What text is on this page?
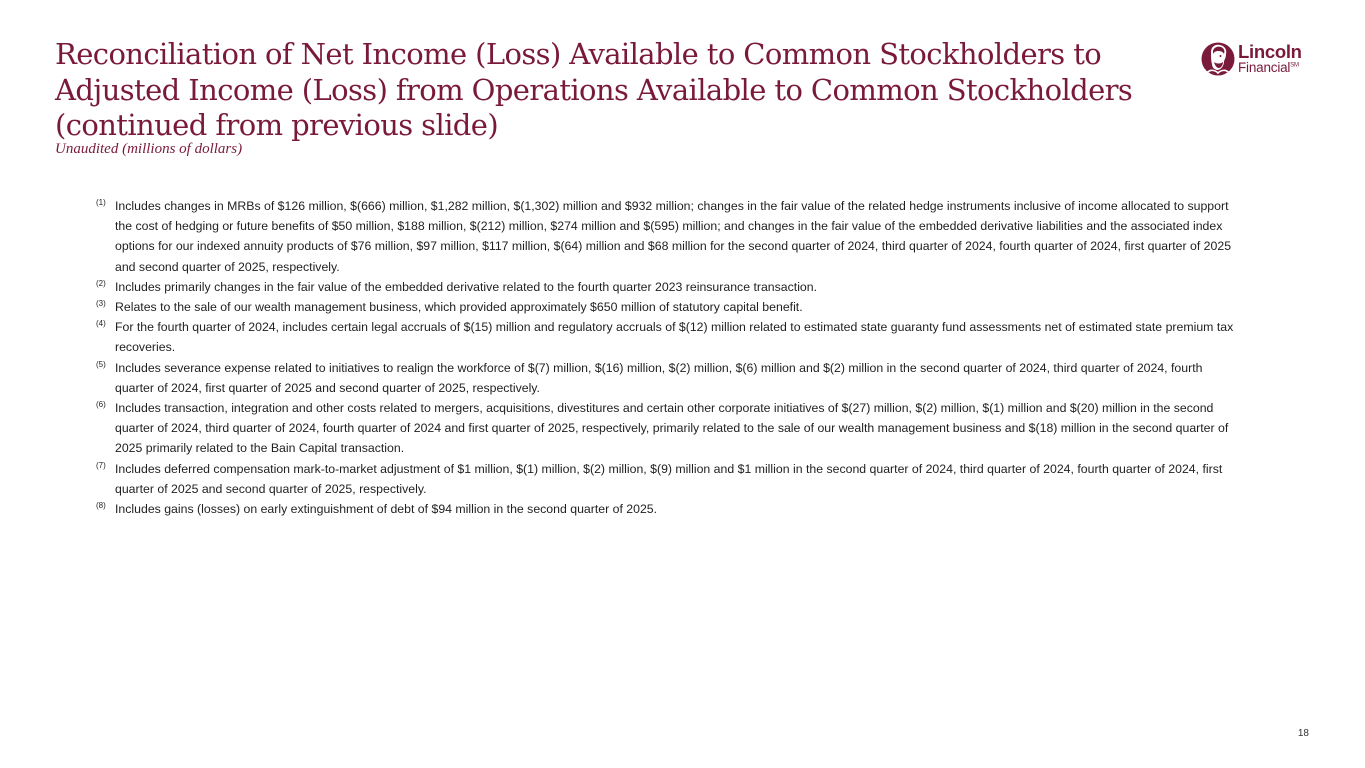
Reconciliation of Net Income (Loss) Available to Common Stockholders to Adjusted Income (Loss) from Operations Available to Common Stockholders (continued from previous slide)
Unaudited (millions of dollars)
Lincoln
Financial℠
(1) Includes changes in MRBs of $126 million, $(666) million, $1,282 million, $(1,302) million and $932 million; changes in the fair value of the related hedge instruments inclusive of income allocated to support the cost of hedging or future benefits of $50 million, $188 million, $(212) million, $274 million and $(595) million; and changes in the fair value of the embedded derivative liabilities and the associated index options for our indexed annuity products of $76 million, $97 million, $117 million, $(64) million and $68 million for the second quarter of 2024, third quarter of 2024, fourth quarter of 2024, first quarter of 2025 and second quarter of 2025, respectively.
(2) Includes primarily changes in the fair value of the embedded derivative related to the fourth quarter 2023 reinsurance transaction.
(3) Relates to the sale of our wealth management business, which provided approximately $650 million of statutory capital benefit.
(4) For the fourth quarter of 2024, includes certain legal accruals of $(15) million and regulatory accruals of $(12) million related to estimated state guaranty fund assessments net of estimated state premium tax recoveries.
(5) Includes severance expense related to initiatives to realign the workforce of $(7) million, $(16) million, $(2) million, $(6) million and $(2) million in the second quarter of 2024, third quarter of 2024, fourth quarter of 2024, first quarter of 2025 and second quarter of 2025, respectively.
(6) Includes transaction, integration and other costs related to mergers, acquisitions, divestitures and certain other corporate initiatives of $(27) million, $(2) million, $(1) million and $(20) million in the second quarter of 2024, third quarter of 2024, fourth quarter of 2024 and first quarter of 2025, respectively, primarily related to the sale of our wealth management business and $(18) million in the second quarter of 2025 primarily related to the Bain Capital transaction.
(7) Includes deferred compensation mark-to-market adjustment of $1 million, $(1) million, $(2) million, $(9) million and $1 million in the second quarter of 2024, third quarter of 2024, fourth quarter of 2024, first quarter of 2025 and second quarter of 2025, respectively.
(8) Includes gains (losses) on early extinguishment of debt of $94 million in the second quarter of 2025.
18
